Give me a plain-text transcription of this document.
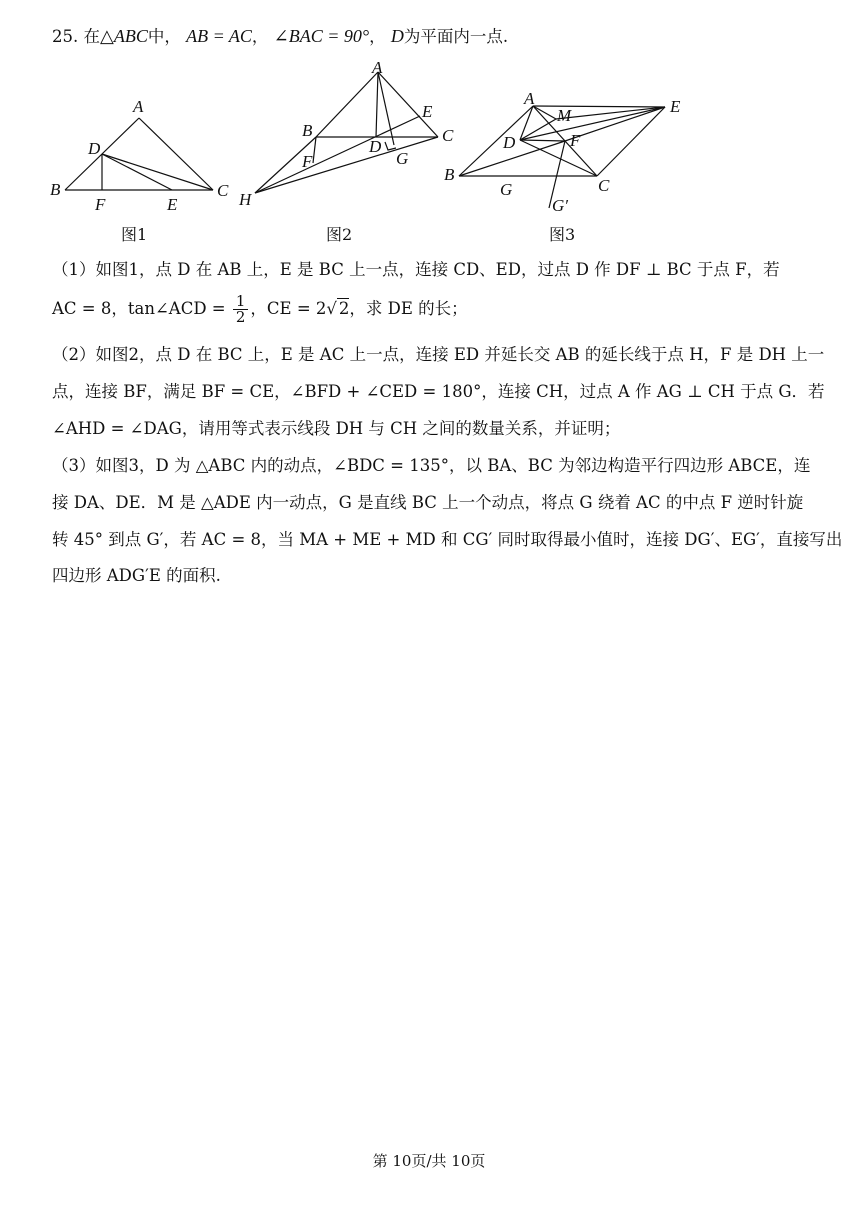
25. 在△ABC中， AB = AC， ∠BAC = 90°， D为平面内一点.
A
D
B
F	E
C
图1
A
E
B	C
D
F	G
H
图2
A
M	E
D	F
B
G	C
G′
图3
（1）如图1，点 D 在 AB 上，E 是 BC 上一点，连接 CD、ED，过点 D 作 DF ⊥ BC 于点 F，若
AC = 8，tan∠ACD = $\frac{1}{2}$ ，CE = 2√ 2，求 DE 的长；
（2）如图2，点 D 在 BC 上，E 是 AC 上一点，连接 ED 并延长交 AB 的延长线于点 H，F 是 DH 上一
点，连接 BF，满足 BF = CE，∠BFD + ∠CED = 180°，连接 CH，过点 A 作 AG ⊥ CH 于点 G．若
∠AHD = ∠DAG，请用等式表示线段 DH 与 CH 之间的数量关系，并证明；
（3）如图3，D 为 △ABC 内的动点，∠BDC = 135°，以 BA、BC 为邻边构造平行四边形 ABCE，连
接 DA、DE．M 是 △ADE 内一动点，G 是直线 BC 上一个动点，将点 G 绕着 AC 的中点 F 逆时针旋
转 45° 到点 G′，若 AC = 8，当 MA + ME + MD 和 CG′ 同时取得最小值时，连接 DG′、EG′，直接写出
四边形 ADG′E 的面积.
第 10页/共 10页
